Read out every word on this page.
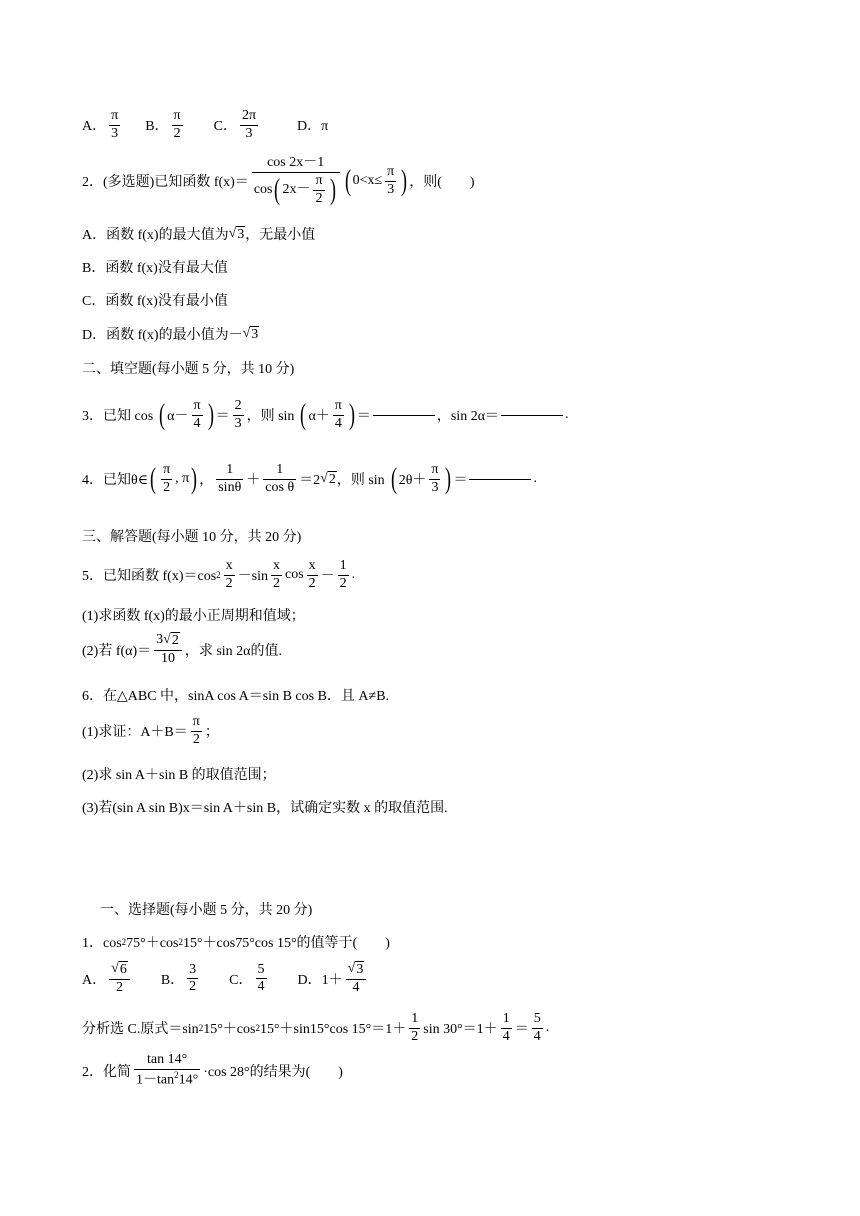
A． $\frac{\pi}{3}$ B． $\frac{\pi}{2}$ C． $\frac{2\pi}{3}$	D．π
2．(多选题)已知函数 $f(x)= \frac{\cos 2x-1}{\cos ( 2x- \frac{\pi}{2} )}$ ( $0<x\le \frac{\pi}{3}$ ) ，则(　　)
A．函数 f(x)的最大值为 √ 3 ，无最小值
B．函数 f(x)没有最大值
C．函数 f(x)没有最小值
D．函数 f(x)的最小值为－ √ 3
二、填空题(每小题 5 分，共 10 分)
3．已知 cos ( $\alpha- \frac{\pi}{4}$ ) ＝ $\frac{2}{3}$ ，则 sin ( $\alpha+ \frac{\pi}{4}$ ) ＝	，sin 2α＝	.
4．已知θ∈ ( $\frac{\pi}{2}$ , π ) ， $\frac{1}{\sin\theta} + \frac{1}{\text{cos θ}} =2$ √ 2 ，则 sin ( $2\theta+ \frac{\pi}{3}$ ) ＝	.
三、解答题(每小题 10 分，共 20 分)
5．已知函数 f(x)＝cos $2 \frac{x}{2} -\sin \frac{x}{2}$ $\cos \frac{x}{2} - \frac{1}{2}$ .
(1)求函数 f(x)的最小正周期和值域；
(2)若 $f(\alpha)= \frac{3 √ 2}{10}$ ，求 sin 2α的值.
6．在△ABC 中，sinA cos A＝sin B cos B．且 A≠B.
(1)求证：$A+B= \frac{\pi}{2}$ ；
(2)求 sin A＋sin B 的取值范围；
(3)若(sin A sin B)x＝sin A＋sin B，试确定实数 x 的取值范围.
一、选择题(每小题 5 分，共 20 分)
1．cos 2 75°＋cos 2 15°＋cos75°cos 15°的值等于(　　)
A． $\frac{√ 6}{2}$ B． $\frac{3}{2}$ C． $\frac{5}{4}$ D．$1+ \frac{√ 3}{4}$
分析选 C.原式＝sin 2 15°＋cos 2 15°＋sin15°cos $15^\circ=1+ \frac{1}{2}$ $\sin 30^\circ=1+ \frac{1}{4} = \frac{5}{4}$ .
2．化简 $\frac{\tan 14^\circ}{1-\tan^214^\circ} \cdot\cos$ 28°的结果为(　　)
